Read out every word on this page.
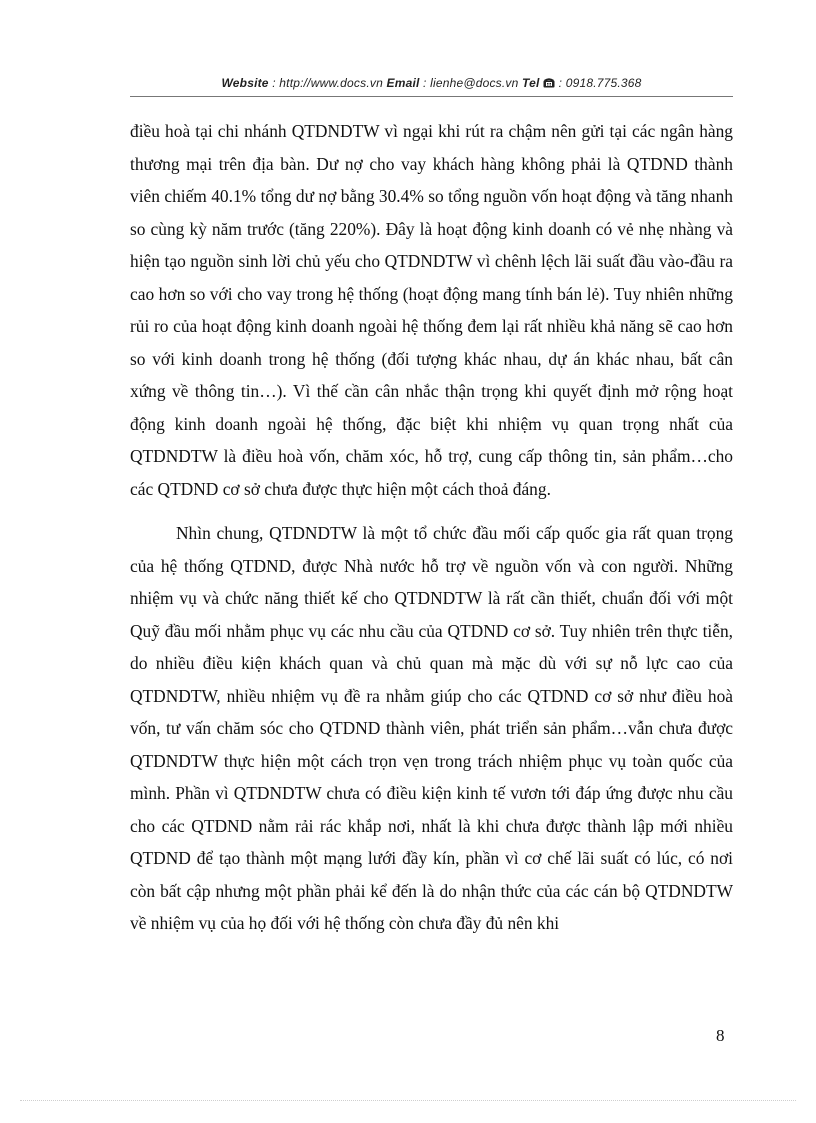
Website : http://www.docs.vn Email : lienhe@docs.vn Tel  : 0918.775.368

điều hoà tại chi nhánh QTDNDTW vì ngại khi rút ra chậm nên gửi tại các ngân hàng thương mại trên địa bàn. Dư nợ cho vay khách hàng không phải là QTDND thành viên chiếm 40.1% tổng dư nợ bằng 30.4% so tổng nguồn vốn hoạt động và tăng nhanh so cùng kỳ năm trước (tăng 220%). Đây là hoạt động kinh doanh có vẻ nhẹ nhàng và hiện tạo nguồn sinh lời chủ yếu cho QTDNDTW vì chênh lệch lãi suất đầu vào-đầu ra cao hơn so với cho vay trong hệ thống (hoạt động mang tính bán lẻ). Tuy nhiên những rủi ro của hoạt động kinh doanh ngoài hệ thống đem lại rất nhiều khả năng sẽ cao hơn so với kinh doanh trong hệ thống (đối tượng khác nhau, dự án khác nhau, bất cân xứng về thông tin…). Vì thế cần cân nhắc thận trọng khi quyết định mở rộng hoạt động kinh doanh ngoài hệ thống, đặc biệt khi nhiệm vụ quan trọng nhất của QTDNDTW là điều hoà vốn, chăm xóc, hỗ trợ, cung cấp thông tin, sản phẩm…cho các QTDND cơ sở chưa được thực hiện một cách thoả đáng.

Nhìn chung, QTDNDTW là một tổ chức đầu mối cấp quốc gia rất quan trọng của hệ thống QTDND, được Nhà nước hỗ trợ về nguồn vốn và con người. Những nhiệm vụ và chức năng thiết kế cho QTDNDTW là rất cần thiết, chuẩn đối với một Quỹ đầu mối nhằm phục vụ các nhu cầu của QTDND cơ sở. Tuy nhiên trên thực tiễn, do nhiều điều kiện khách quan và chủ quan mà mặc dù với sự nỗ lực cao của QTDNDTW, nhiều nhiệm vụ đề ra nhằm giúp cho các QTDND cơ sở như điều hoà vốn, tư vấn chăm sóc cho QTDND thành viên, phát triển sản phẩm…vẫn chưa được QTDNDTW thực hiện một cách trọn vẹn trong trách nhiệm phục vụ toàn quốc của mình. Phần vì QTDNDTW chưa có điều kiện kinh tế vươn tới đáp ứng được nhu cầu cho các QTDND nằm rải rác khắp nơi, nhất là khi chưa được thành lập mới nhiều QTDND để tạo thành một mạng lưới đầy kín, phần vì cơ chế lãi suất có lúc, có nơi còn bất cập nhưng một phần phải kể đến là do nhận thức của các cán bộ QTDNDTW về nhiệm vụ của họ đối với hệ thống còn chưa đầy đủ nên khi

8
